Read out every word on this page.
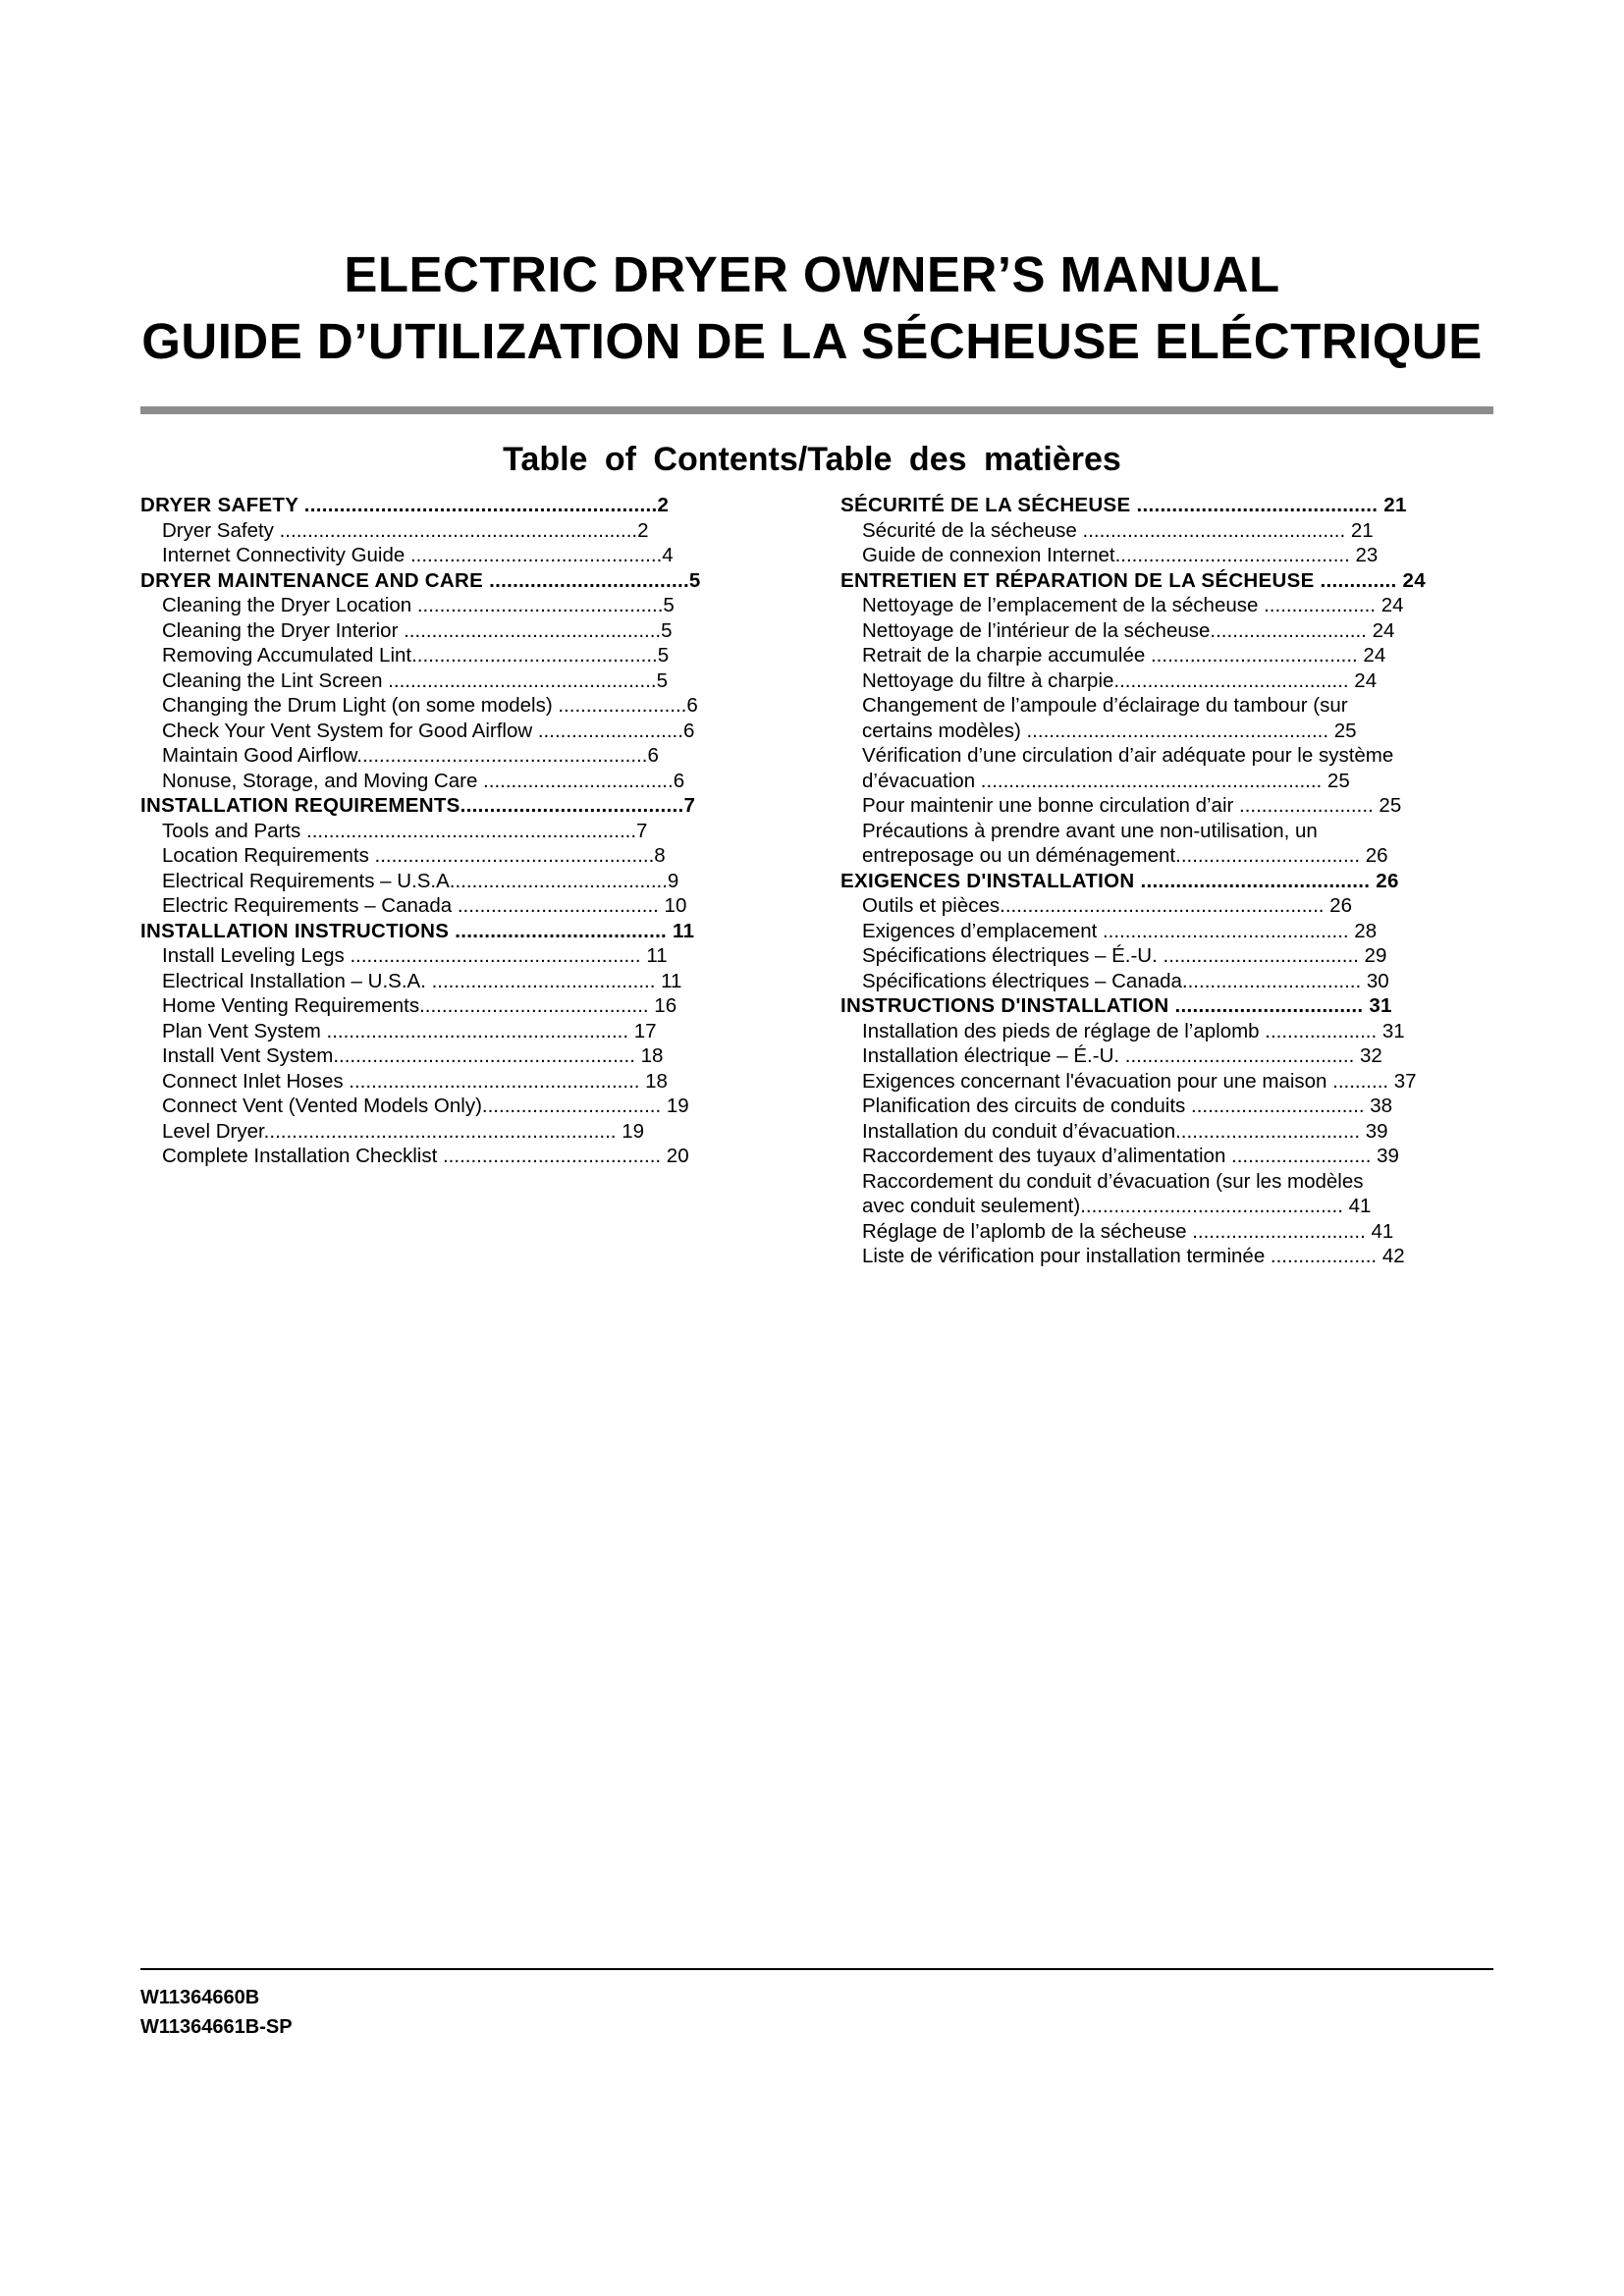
ELECTRIC DRYER OWNER’S MANUAL
GUIDE D’UTILIZATION DE LA SÉCHEUSE ELÉCTRIQUE
Table of Contents/Table des matières
DRYER SAFETY ............................................................2
Dryer Safety ................................................................2
Internet Connectivity Guide .............................................4
DRYER MAINTENANCE AND CARE ..................................5
Cleaning the Dryer Location ............................................5
Cleaning the Dryer Interior ..............................................5
Removing Accumulated Lint............................................5
Cleaning the Lint Screen ................................................5
Changing the Drum Light (on some models) .......................6
Check Your Vent System for Good Airflow ..........................6
Maintain Good Airflow....................................................6
Nonuse, Storage, and Moving Care ..................................6
INSTALLATION REQUIREMENTS......................................7
Tools and Parts ...........................................................7
Location Requirements ..................................................8
Electrical Requirements – U.S.A.......................................9
Electric Requirements – Canada .................................... 10
INSTALLATION INSTRUCTIONS .................................... 11
Install Leveling Legs .................................................... 11
Electrical Installation – U.S.A. ........................................ 11
Home Venting Requirements......................................... 16
Plan Vent System ...................................................... 17
Install Vent System...................................................... 18
Connect Inlet Hoses .................................................... 18
Connect Vent (Vented Models Only)................................ 19
Level Dryer............................................................... 19
Complete Installation Checklist ....................................... 20
SÉCURITÉ DE LA SÉCHEUSE ......................................... 21
Sécurité de la sécheuse ............................................... 21
Guide de connexion Internet.......................................... 23
ENTRETIEN ET RÉPARATION DE LA SÉCHEUSE ............. 24
Nettoyage de l’emplacement de la sécheuse .................... 24
Nettoyage de l’intérieur de la sécheuse............................ 24
Retrait de la charpie accumulée ..................................... 24
Nettoyage du filtre à charpie.......................................... 24
Changement de l’ampoule d’éclairage du tambour (sur
certains modèles) ...................................................... 25
Vérification d’une circulation d’air adéquate pour le système
d’évacuation ............................................................. 25
Pour maintenir une bonne circulation d’air ........................ 25
Précautions à prendre avant une non-utilisation, un
entreposage ou un déménagement................................. 26
EXIGENCES D'INSTALLATION ....................................... 26
Outils et pièces.......................................................... 26
Exigences d’emplacement ............................................ 28
Spécifications électriques – É.-U. ................................... 29
Spécifications électriques – Canada................................ 30
INSTRUCTIONS D'INSTALLATION ................................ 31
Installation des pieds de réglage de l’aplomb .................... 31
Installation électrique – É.-U. ......................................... 32
Exigences concernant l'évacuation pour une maison .......... 37
Planification des circuits de conduits ............................... 38
Installation du conduit d’évacuation................................. 39
Raccordement des tuyaux d’alimentation ......................... 39
Raccordement du conduit d’évacuation (sur les modèles
avec conduit seulement)............................................... 41
Réglage de l’aplomb de la sécheuse ............................... 41
Liste de vérification pour installation terminée ................... 42
W11364660B
W11364661B-SP
